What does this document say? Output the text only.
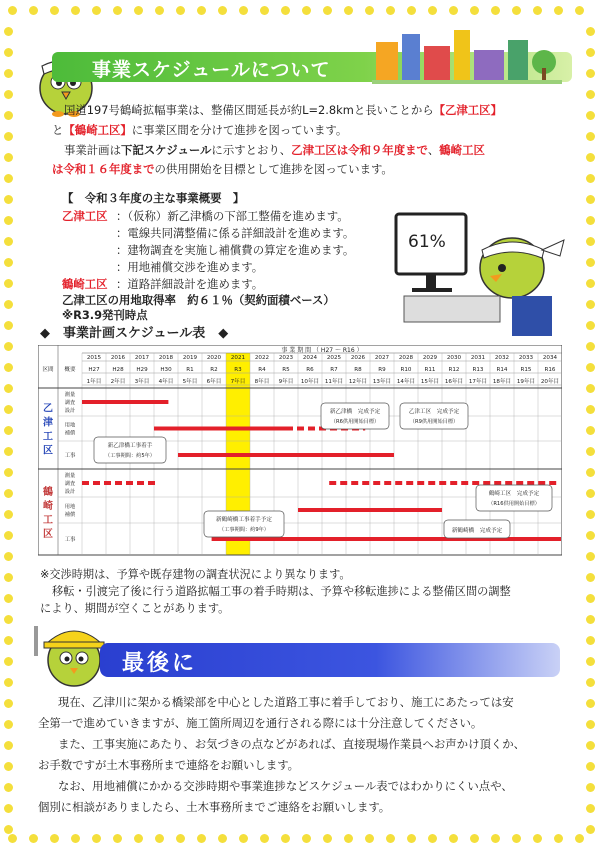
事業スケジュールについて
国道197号鶴崎拡幅事業は、整備区間延長が約L=2.8kmと長いことから【乙津工区】
と【鶴崎工区】に事業区間を分けて進捗を図っています。
事業計画は下記スケジュールに示すとおり、乙津工区は令和９年度まで、鶴崎工区
は令和１６年度までの供用開始を目標として進捗を図っています。
【　令和３年度の主な事業概要　】
乙津工区 ：（仮称）新乙津橋の下部工整備を進めます。
：電線共同溝整備に係る詳細設計を進めます。
：建物調査を実施し補償費の算定を進めます。
：用地補償交渉を進めます。
鶴崎工区 ：道路詳細設計を進めます。
乙津工区の用地取得率　約６１％（契約面積ベース）
※R3.9発刊時点
61%
◆　事業計画スケジュール表　◆
事 業 期 間 （ H27 ～ R16 ）
2015
H27
1年目
2016
H28
2年目
2017
H29
3年目
2018
H30
4年目
2019
R1
5年目
2020
R2
6年目
2021
R3
7年目
2022
R4
8年目
2023
R5
9年目
2024
R6
10年目
2025
R7
11年目
2026
R8
12年目
2027
R9
13年目
2028
R10
14年目
2029
R11
15年目
2030
R12
16年目
2031
R13
17年目
2032
R14
18年目
2033
R15
19年目
2034
R16
20年目
区間 概要
乙
津
工
区
測量
調査
設計
用地
補償
工事
鶴
崎
工
区
測量
調査
設計
用地
補償
工事
新乙津橋　完成予定
（R6供用開始目標）
乙津工区　完成予定
（R9供用開始目標）
新乙津橋工事着手
（工事期間：約5年）
鶴崎工区　完成予定
（R16供用開始目標）
新鶴崎橋工事着手予定
（工事期間：約9年）	新鶴崎橋　完成予定
※交渉時期は、予算や既存建物の調査状況により異なります。
移転・引渡完了後に行う道路拡幅工事の着手時期は、予算や移転進捗による整備区間の調整
により、期間が空くことがあります。
最後に
現在、乙津川に架かる橋梁部を中心とした道路工事に着手しており、施工にあたっては安
全第一で進めていきますが、施工箇所周辺を通行される際には十分注意してください。
また、工事実施にあたり、お気づきの点などがあれば、直接現場作業員へお声かけ頂くか、
お手数ですが土木事務所まで連絡をお願いします。
なお、用地補償にかかる交渉時期や事業進捗などスケジュール表ではわかりにくい点や、
個別に相談がありましたら、土木事務所までご連絡をお願いします。
